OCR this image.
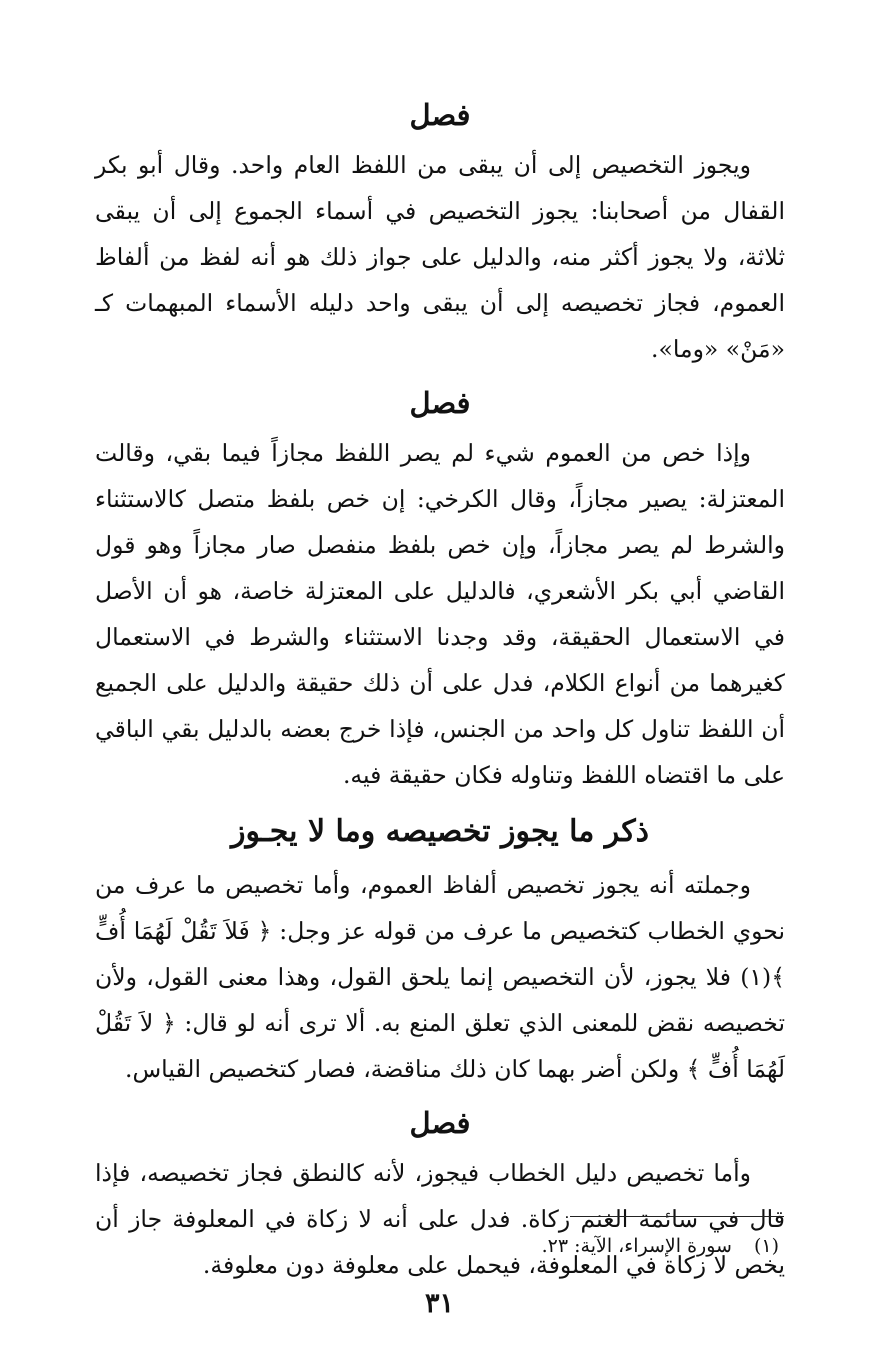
فصل

ويجوز التخصيص إلى أن يبقى من اللفظ العام واحد. وقال أبو بكر القفال من أصحابنا: يجوز التخصيص في أسماء الجموع إلى أن يبقى ثلاثة، ولا يجوز أكثر منه، والدليل على جواز ذلك هو أنه لفظ من ألفاظ العموم، فجاز تخصيصه إلى أن يبقى واحد دليله الأسماء المبهمات كـ «مَنْ» «وما».

فصل

وإذا خص من العموم شيء لم يصر اللفظ مجازاً فيما بقي، وقالت المعتزلة: يصير مجازاً، وقال الكرخي: إن خص بلفظ متصل كالاستثناء والشرط لم يصر مجازاً، وإن خص بلفظ منفصل صار مجازاً وهو قول القاضي أبي بكر الأشعري، فالدليل على المعتزلة خاصة، هو أن الأصل في الاستعمال الحقيقة، وقد وجدنا الاستثناء والشرط في الاستعمال كغيرهما من أنواع الكلام، فدل على أن ذلك حقيقة والدليل على الجميع أن اللفظ تناول كل واحد من الجنس، فإذا خرج بعضه بالدليل بقي الباقي على ما اقتضاه اللفظ وتناوله فكان حقيقة فيه.

ذكر ما يجوز تخصيصه وما لا يجـوز

وجملته أنه يجوز تخصيص ألفاظ العموم، وأما تخصيص ما عرف من نحوي الخطاب كتخصيص ما عرف من قوله عز وجل: ﴿ فَلاَ تَقُلْ لَهُمَا أُفٍّ ﴾(١) فلا يجوز، لأن التخصيص إنما يلحق القول، وهذا معنى القول، ولأن تخصيصه نقض للمعنى الذي تعلق المنع به. ألا ترى أنه لو قال: ﴿ لاَ تَقُلْ لَهُمَا أُفٍّ ﴾ ولكن أضر بهما كان ذلك مناقضة، فصار كتخصيص القياس.

فصل

وأما تخصيص دليل الخطاب فيجوز، لأنه كالنطق فجاز تخصيصه، فإذا قال في سائمة الغنم زكاة. فدل على أنه لا زكاة في المعلوفة جاز أن يخص لا زكاة في المعلوفة، فيحمل على معلوفة دون معلوفة.

(١)سورة الإسراء، الآية: ٢٣.
٣١
